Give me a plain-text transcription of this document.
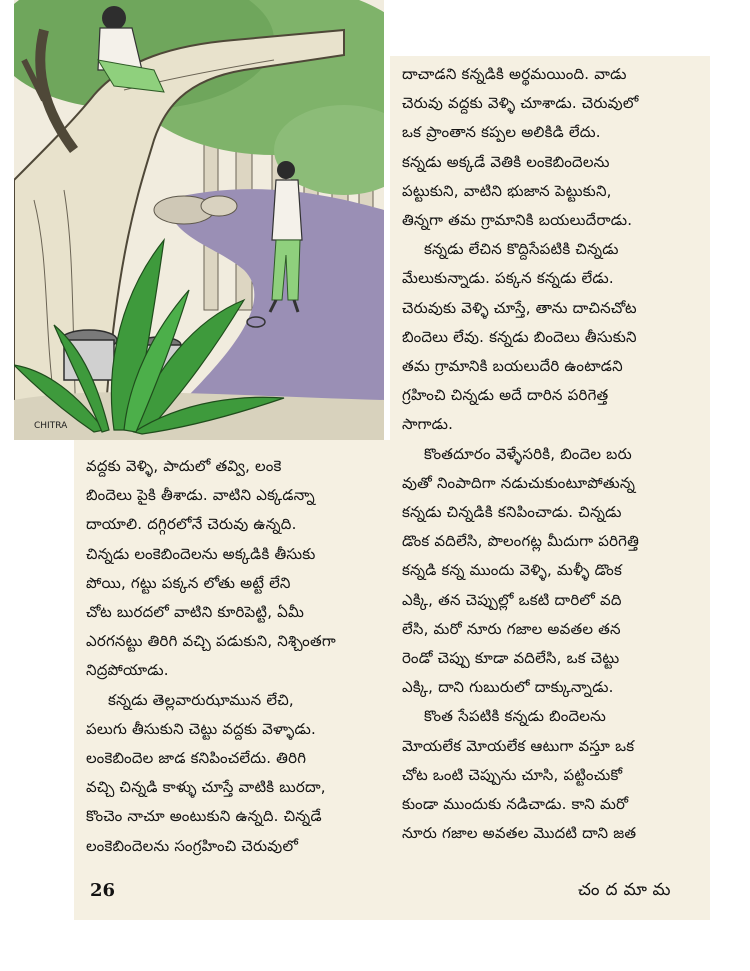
CHITRA
వద్దకు వెళ్ళి, పాదులో తవ్వి, లంకె
బిందెలు పైకి తీశాడు. వాటిని ఎక్కడన్నా
దాయాలి. దగ్గిరలోనే చెరువు ఉన్నది.
చిన్నడు లంకెబిందెలను అక్కడికి తీసుకు
పోయి, గట్టు పక్కన లోతు అట్టే లేని
చోట బురదలో వాటిని కూరిపెట్టి, ఏమీ
ఎరగనట్టు తిరిగి వచ్చి పడుకుని, నిశ్చింతగా
నిద్రపోయాడు.
కన్నడు తెల్లవారుఝామున లేచి,
పలుగు తీసుకుని చెట్టు వద్దకు వెళ్ళాడు.
లంకెబిందెల జాడ కనిపించలేదు. తిరిగి
వచ్చి చిన్నడి కాళ్ళు చూస్తే వాటికి బురదా,
కొంచెం నాచూ అంటుకుని ఉన్నది. చిన్నడే
లంకెబిందెలను సంగ్రహించి చెరువులో
దాచాడని కన్నడికి అర్థమయింది. వాడు
చెరువు వద్దకు వెళ్ళి చూశాడు. చెరువులో
ఒక ప్రాంతాన కప్పల అలికిడి లేదు.
కన్నడు అక్కడే వెతికి లంకెబిందెలను
పట్టుకుని, వాటిని భుజాన పెట్టుకుని,
తిన్నగా తమ గ్రామానికి బయలుదేరాడు.
కన్నడు లేచిన కొద్దిసేపటికి చిన్నడు
మేలుకున్నాడు. పక్కన కన్నడు లేడు.
చెరువుకు వెళ్ళి చూస్తే, తాను దాచినచోట
బిందెలు లేవు. కన్నడు బిందెలు తీసుకుని
తమ గ్రామానికి బయలుదేరి ఉంటాడని
గ్రహించి చిన్నడు అదే దారిన పరిగెత్త
సాగాడు.
కొంతదూరం వెళ్ళేసరికి, బిందెల బరు
వుతో నింపాదిగా నడుచుకుంటూపోతున్న
కన్నడు చిన్నడికి కనిపించాడు. చిన్నడు
డొంక వదిలేసి, పొలంగట్ల మీదుగా పరిగెత్తి
కన్నడి కన్న ముందు వెళ్ళి, మళ్ళీ డొంక
ఎక్కి, తన చెప్పుల్లో ఒకటి దారిలో వది
లేసి, మరో నూరు గజాల అవతల తన
రెండో చెప్పు కూడా వదిలేసి, ఒక చెట్టు
ఎక్కి, దాని గుబురులో దాక్కున్నాడు.
కొంత సేపటికి కన్నడు బిందెలను
మోయలేక మోయలేక ఆటుగా వస్తూ ఒక
చోట ఒంటి చెప్పును చూసి, పట్టించుకో
కుండా ముందుకు నడిచాడు. కాని మరో
నూరు గజాల అవతల మొదటి దాని జత
26	చందమామ
